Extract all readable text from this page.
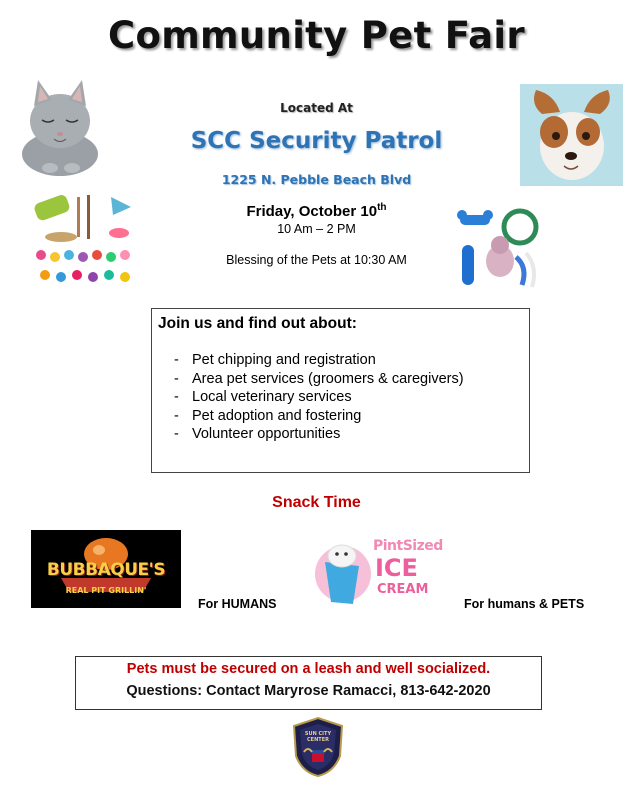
Community Pet Fair
Located At
SCC Security Patrol
1225 N. Pebble Beach Blvd
Friday, October 10th
10 Am – 2 PM
Blessing of the Pets at 10:30 AM
Join us and find out about:
- Pet chipping and registration
- Area pet services (groomers & caregivers)
- Local veterinary services
- Pet adoption and fostering
- Volunteer opportunities
Snack Time
BUBBAQUE'S
REAL PIT GRILLIN'
For HUMANS
PintSized
ICE
CREAM
For humans & PETS
Pets must be secured on a leash and well socialized.
Questions: Contact Maryrose Ramacci, 813-642-2020
SUN CITY
CENTER
